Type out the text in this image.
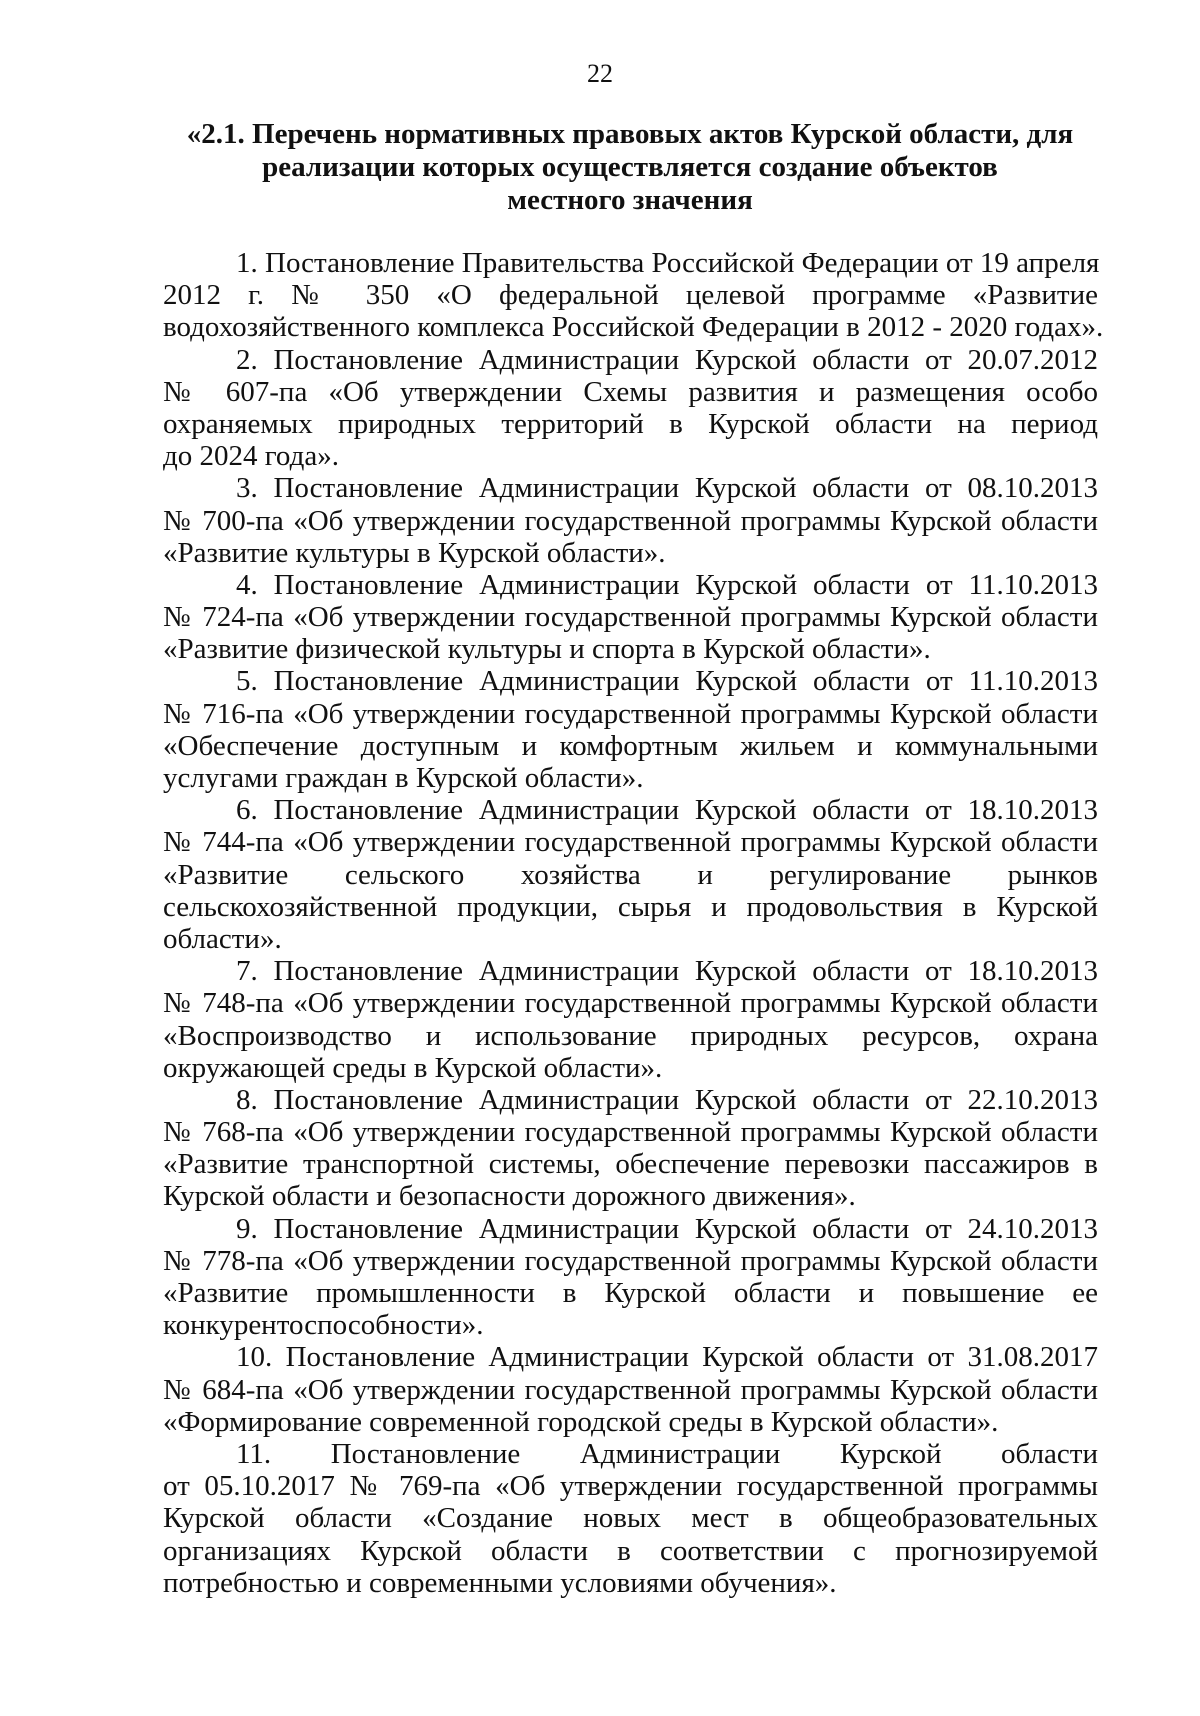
22
«2.1. Перечень нормативных правовых актов Курской области, для
реализации которых осуществляется создание объектов
местного значения
1. Постановление Правительства Российской Федерации от 19 апреля
2012 г. № 350 «О федеральной целевой программе «Развитие
водохозяйственного комплекса Российской Федерации в 2012 - 2020 годах».
2. Постановление Администрации Курской области от 20.07.2012
№ 607-па «Об утверждении Схемы развития и размещения особо
охраняемых природных территорий в Курской области на период
до 2024 года».
3. Постановление Администрации Курской области от 08.10.2013
№ 700-па «Об утверждении государственной программы Курской области
«Развитие культуры в Курской области».
4. Постановление Администрации Курской области от 11.10.2013
№ 724-па «Об утверждении государственной программы Курской области
«Развитие физической культуры и спорта в Курской области».
5. Постановление Администрации Курской области от 11.10.2013
№ 716-па «Об утверждении государственной программы Курской области
«Обеспечение доступным и комфортным жильем и коммунальными
услугами граждан в Курской области».
6. Постановление Администрации Курской области от 18.10.2013
№ 744-па «Об утверждении государственной программы Курской области
«Развитие сельского хозяйства и регулирование рынков
сельскохозяйственной продукции, сырья и продовольствия в Курской
области».
7. Постановление Администрации Курской области от 18.10.2013
№ 748-па «Об утверждении государственной программы Курской области
«Воспроизводство и использование природных ресурсов, охрана
окружающей среды в Курской области».
8. Постановление Администрации Курской области от 22.10.2013
№ 768-па «Об утверждении государственной программы Курской области
«Развитие транспортной системы, обеспечение перевозки пассажиров в
Курской области и безопасности дорожного движения».
9. Постановление Администрации Курской области от 24.10.2013
№ 778-па «Об утверждении государственной программы Курской области
«Развитие промышленности в Курской области и повышение ее
конкурентоспособности».
10. Постановление Администрации Курской области от 31.08.2017
№ 684-па «Об утверждении государственной программы Курской области
«Формирование современной городской среды в Курской области».
11. Постановление Администрации Курской области
от 05.10.2017 № 769-па «Об утверждении государственной программы
Курской области «Создание новых мест в общеобразовательных
организациях Курской области в соответствии с прогнозируемой
потребностью и современными условиями обучения».
